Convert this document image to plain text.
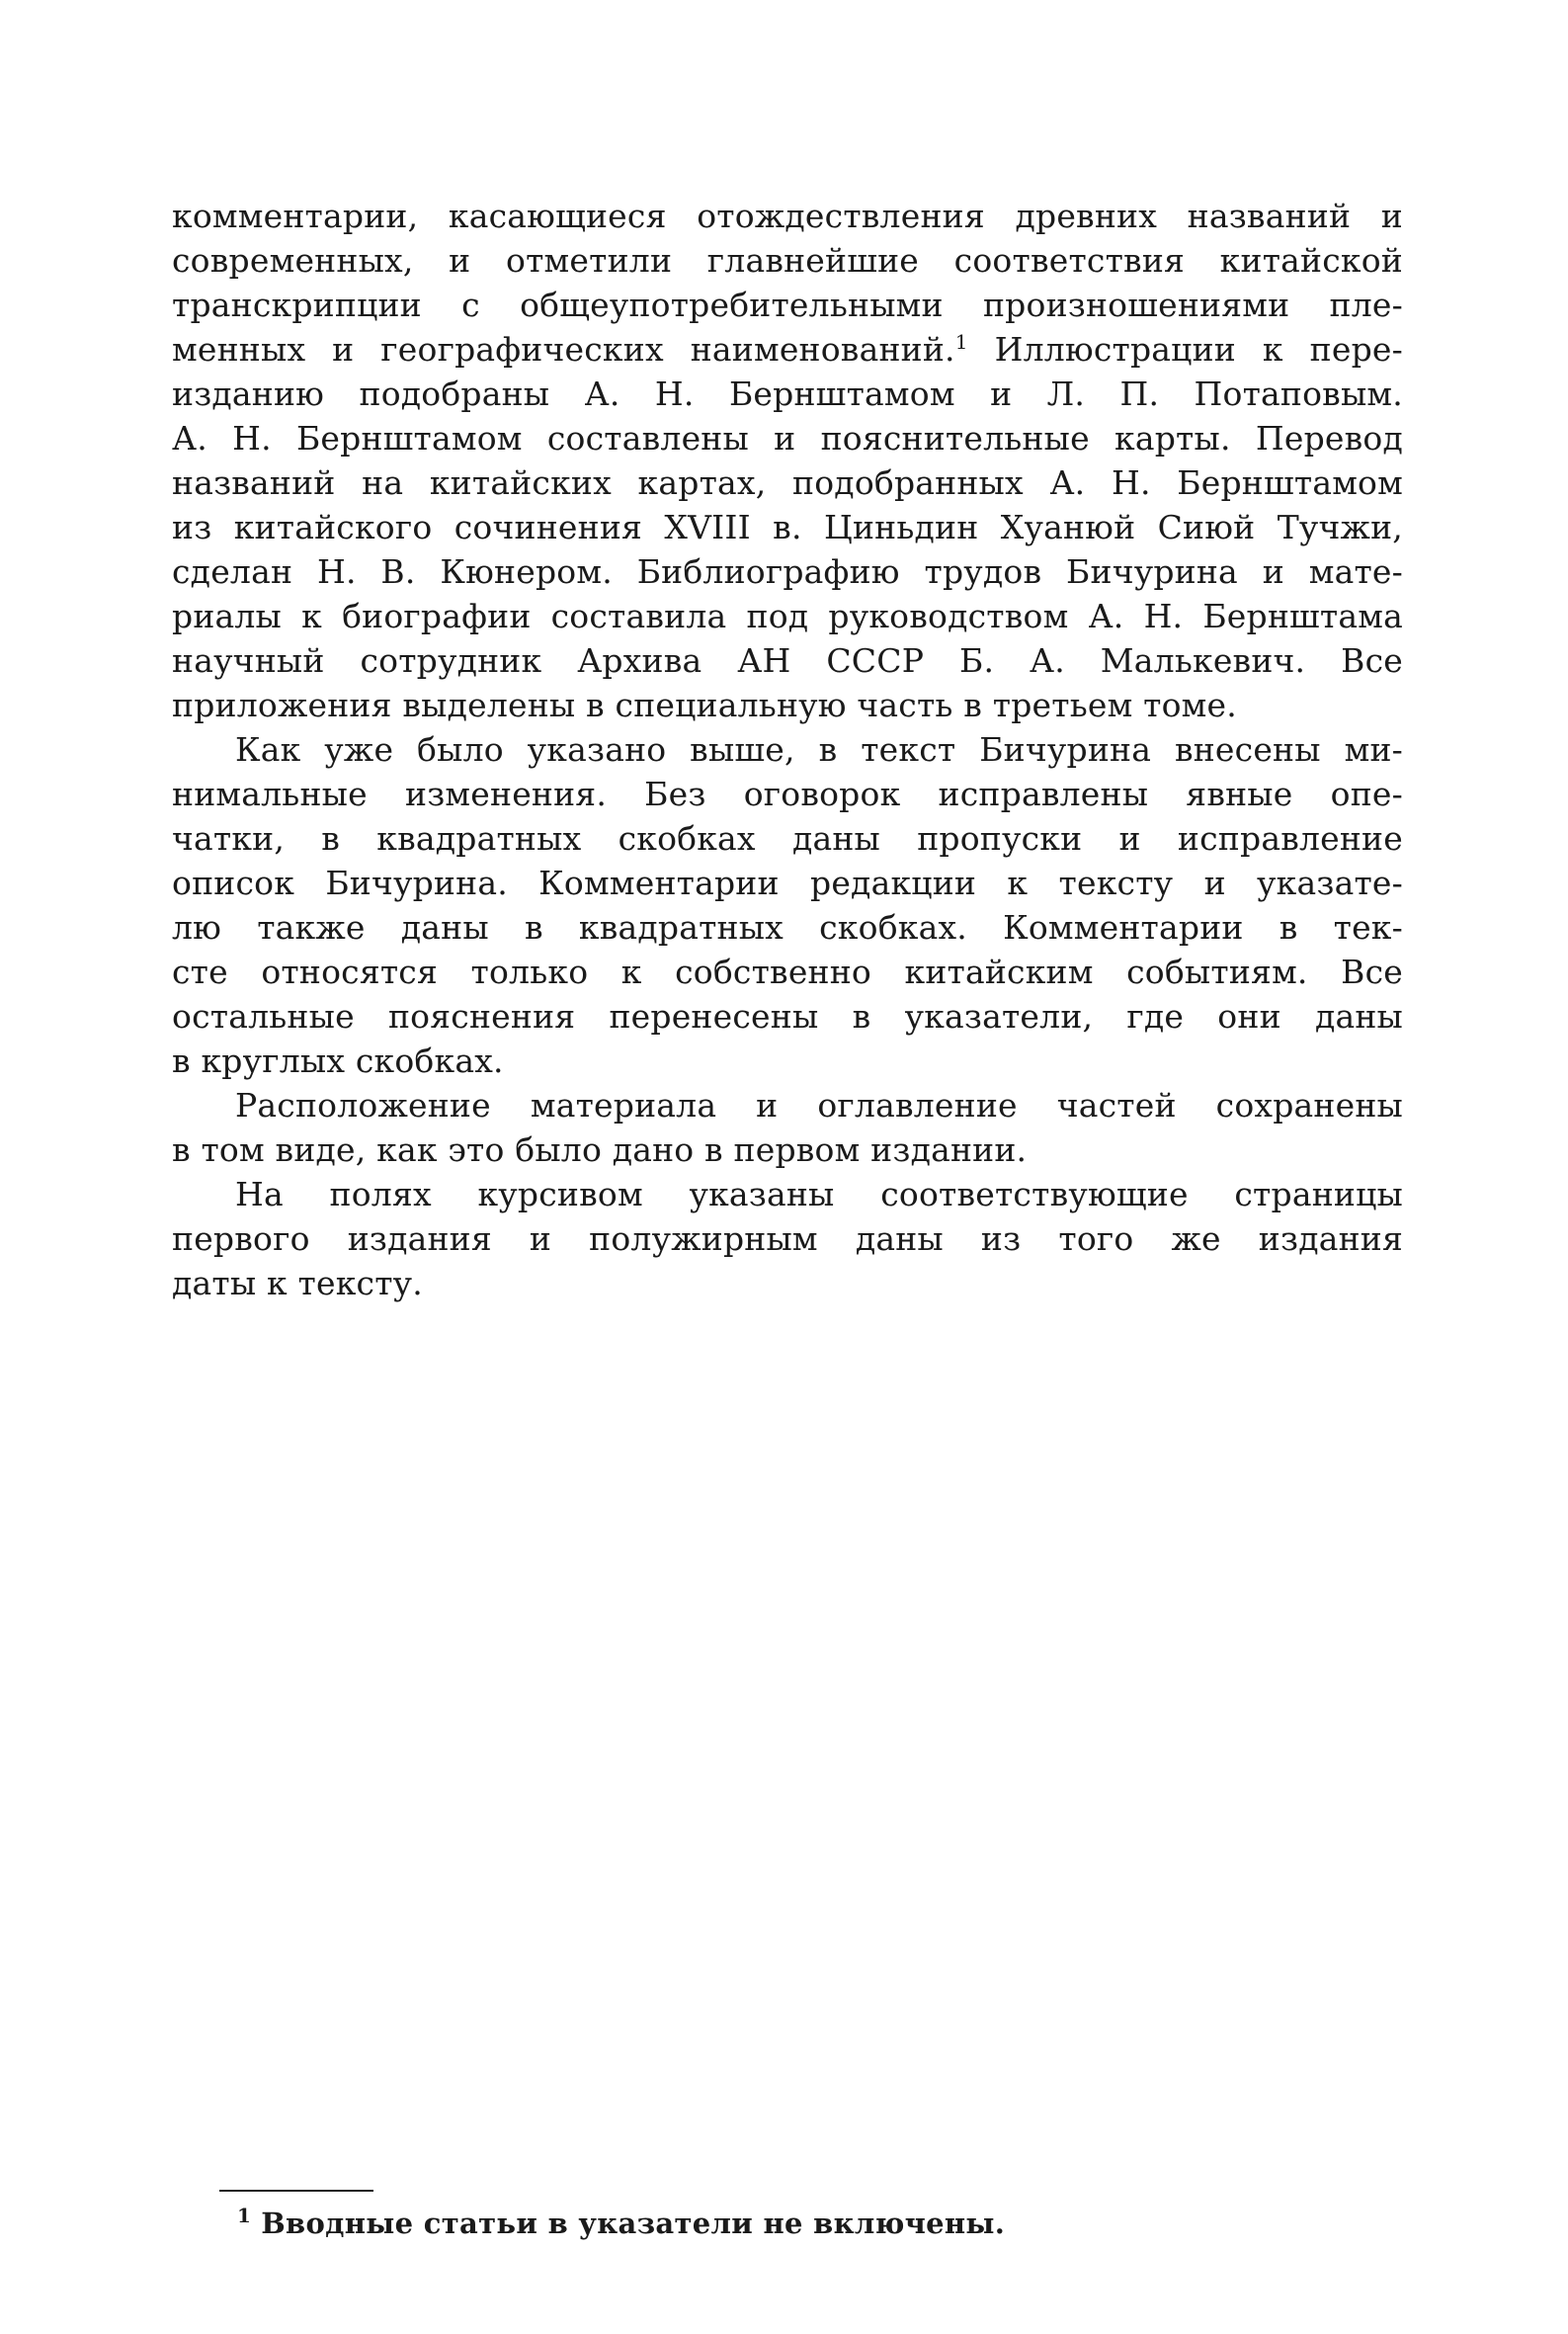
комментарии, касающиеся отождествления древних названий и
современных, и отметили главнейшие соответствия китайской
транскрипции с общеупотребительными произношениями пле-
менных и географических наименований.$^1$ Иллюстрации к пере-
изданию подобраны А. Н. Бернштамом и Л. П. Потаповым.
А. Н. Бернштамом составлены и пояснительные карты. Перевод
названий на китайских картах, подобранных А. Н. Бернштамом
из китайского сочинения XVIII в. Циньдин Хуанюй Сиюй Тучжи,
сделан Н. В. Кюнером. Библиографию трудов Бичурина и мате-
риалы к биографии составила под руководством А. Н. Бернштама
научный сотрудник Архива АН СССР Б. А. Малькевич. Все
приложения выделены в специальную часть в третьем томе.
Как уже было указано выше, в текст Бичурина внесены ми-
нимальные изменения. Без оговорок исправлены явные опе-
чатки, в квадратных скобках даны пропуски и исправление
описок Бичурина. Комментарии редакции к тексту и указате-
лю также даны в квадратных скобках. Комментарии в тек-
сте относятся только к собственно китайским событиям. Все
остальные пояснения перенесены в указатели, где они даны
в круглых скобках.
Расположение материала и оглавление частей сохранены
в том виде, как это было дано в первом издании.
На полях курсивом указаны соответствующие страницы
первого издания и полужирным даны из того же издания
даты к тексту.
$^1$ Вводные статьи в указатели не включены.
